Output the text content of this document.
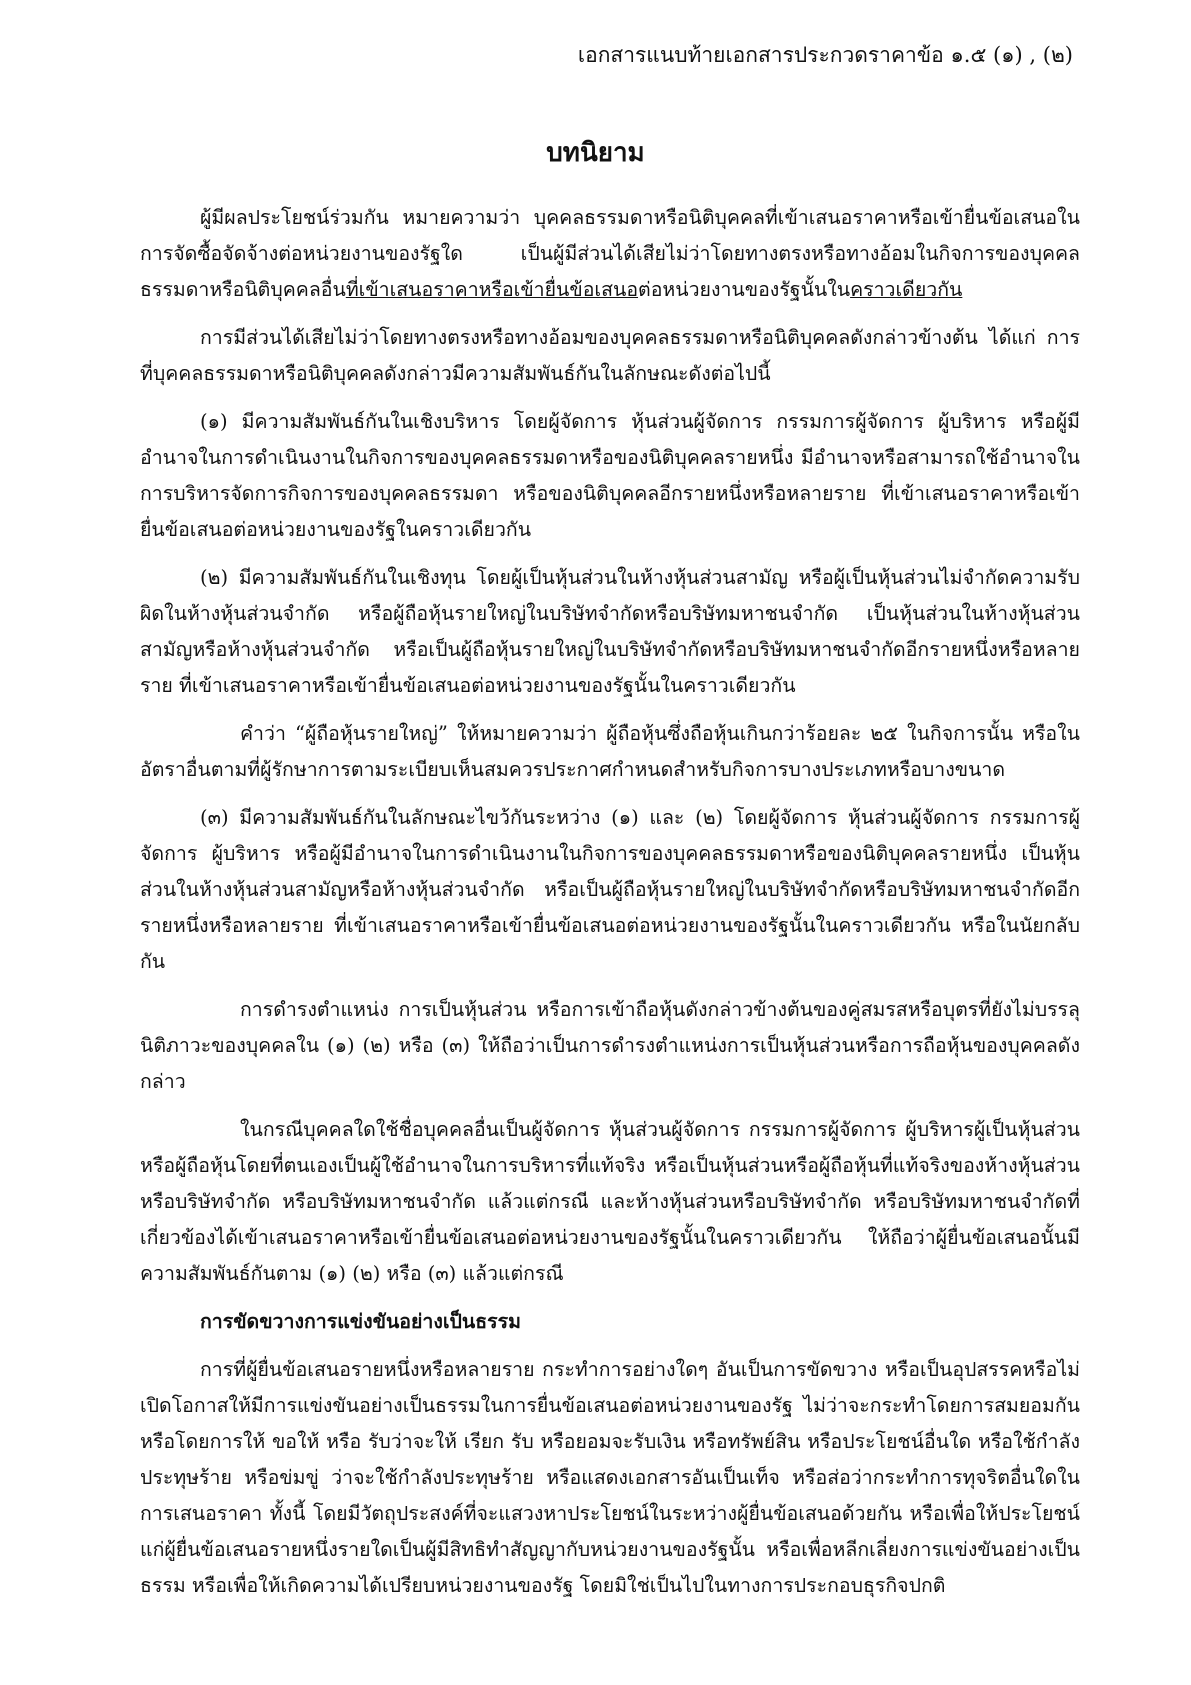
เอกสารแนบท้ายเอกสารประกวดราคาข้อ ๑.๕ (๑) , (๒)
บทนิยาม

ผู้มีผลประโยชน์ร่วมกัน หมายความว่า บุคคลธรรมดาหรือนิติบุคคลที่เข้าเสนอราคาหรือเข้ายื่นข้อเสนอในการจัดซื้อจัดจ้างต่อหน่วยงานของรัฐใด เป็นผู้มีส่วนได้เสียไม่ว่าโดยทางตรงหรือทางอ้อมในกิจการของบุคคลธรรมดาหรือนิติบุคคลอื่นที่เข้าเสนอราคาหรือเข้ายื่นข้อเสนอต่อหน่วยงานของรัฐนั้นในคราวเดียวกัน

การมีส่วนได้เสียไม่ว่าโดยทางตรงหรือทางอ้อมของบุคคลธรรมดาหรือนิติบุคคลดังกล่าวข้างต้น ได้แก่ การที่บุคคลธรรมดาหรือนิติบุคคลดังกล่าวมีความสัมพันธ์กันในลักษณะดังต่อไปนี้

(๑) มีความสัมพันธ์กันในเชิงบริหาร โดยผู้จัดการ หุ้นส่วนผู้จัดการ กรรมการผู้จัดการ ผู้บริหาร หรือผู้มีอำนาจในการดำเนินงานในกิจการของบุคคลธรรมดาหรือของนิติบุคคลรายหนึ่ง มีอำนาจหรือสามารถใช้อำนาจในการบริหารจัดการกิจการของบุคคลธรรมดา หรือของนิติบุคคลอีกรายหนึ่งหรือหลายราย ที่เข้าเสนอราคาหรือเข้ายื่นข้อเสนอต่อหน่วยงานของรัฐในคราวเดียวกัน

(๒) มีความสัมพันธ์กันในเชิงทุน โดยผู้เป็นหุ้นส่วนในห้างหุ้นส่วนสามัญ หรือผู้เป็นหุ้นส่วนไม่จำกัดความรับผิดในห้างหุ้นส่วนจำกัด หรือผู้ถือหุ้นรายใหญ่ในบริษัทจำกัดหรือบริษัทมหาชนจำกัด เป็นหุ้นส่วนในห้างหุ้นส่วนสามัญหรือห้างหุ้นส่วนจำกัด หรือเป็นผู้ถือหุ้นรายใหญ่ในบริษัทจำกัดหรือบริษัทมหาชนจำกัดอีกรายหนึ่งหรือหลายราย ที่เข้าเสนอราคาหรือเข้ายื่นข้อเสนอต่อหน่วยงานของรัฐนั้นในคราวเดียวกัน

คำว่า “ผู้ถือหุ้นรายใหญ่” ให้หมายความว่า ผู้ถือหุ้นซึ่งถือหุ้นเกินกว่าร้อยละ ๒๕ ในกิจการนั้น หรือในอัตราอื่นตามที่ผู้รักษาการตามระเบียบเห็นสมควรประกาศกำหนดสำหรับกิจการบางประเภทหรือบางขนาด

(๓) มีความสัมพันธ์กันในลักษณะไขว้กันระหว่าง (๑) และ (๒) โดยผู้จัดการ หุ้นส่วนผู้จัดการ กรรมการผู้จัดการ ผู้บริหาร หรือผู้มีอำนาจในการดำเนินงานในกิจการของบุคคลธรรมดาหรือของนิติบุคคลรายหนึ่ง เป็นหุ้นส่วนในห้างหุ้นส่วนสามัญหรือห้างหุ้นส่วนจำกัด หรือเป็นผู้ถือหุ้นรายใหญ่ในบริษัทจำกัดหรือบริษัทมหาชนจำกัดอีกรายหนึ่งหรือหลายราย ที่เข้าเสนอราคาหรือเข้ายื่นข้อเสนอต่อหน่วยงานของรัฐนั้นในคราวเดียวกัน หรือในนัยกลับกัน

การดำรงตำแหน่ง การเป็นหุ้นส่วน หรือการเข้าถือหุ้นดังกล่าวข้างต้นของคู่สมรสหรือบุตรที่ยังไม่บรรลุนิติภาวะของบุคคลใน (๑) (๒) หรือ (๓) ให้ถือว่าเป็นการดำรงตำแหน่งการเป็นหุ้นส่วนหรือการถือหุ้นของบุคคลดังกล่าว

ในกรณีบุคคลใดใช้ชื่อบุคคลอื่นเป็นผู้จัดการ หุ้นส่วนผู้จัดการ กรรมการผู้จัดการ ผู้บริหารผู้เป็นหุ้นส่วนหรือผู้ถือหุ้นโดยที่ตนเองเป็นผู้ใช้อำนาจในการบริหารที่แท้จริง หรือเป็นหุ้นส่วนหรือผู้ถือหุ้นที่แท้จริงของห้างหุ้นส่วน หรือบริษัทจำกัด หรือบริษัทมหาชนจำกัด แล้วแต่กรณี และห้างหุ้นส่วนหรือบริษัทจำกัด หรือบริษัทมหาชนจำกัดที่เกี่ยวข้องได้เข้าเสนอราคาหรือเข้ายื่นข้อเสนอต่อหน่วยงานของรัฐนั้นในคราวเดียวกัน ให้ถือว่าผู้ยื่นข้อเสนอนั้นมีความสัมพันธ์กันตาม (๑) (๒) หรือ (๓) แล้วแต่กรณี

การขัดขวางการแข่งขันอย่างเป็นธรรม

การที่ผู้ยื่นข้อเสนอรายหนึ่งหรือหลายราย กระทำการอย่างใดๆ อันเป็นการขัดขวาง หรือเป็นอุปสรรคหรือไม่เปิดโอกาสให้มีการแข่งขันอย่างเป็นธรรมในการยื่นข้อเสนอต่อหน่วยงานของรัฐ ไม่ว่าจะกระทำโดยการสมยอมกัน หรือโดยการให้ ขอให้ หรือ รับว่าจะให้ เรียก รับ หรือยอมจะรับเงิน หรือทรัพย์สิน หรือประโยชน์อื่นใด หรือใช้กำลังประทุษร้าย หรือข่มขู่ ว่าจะใช้กำลังประทุษร้าย หรือแสดงเอกสารอันเป็นเท็จ หรือส่อว่ากระทำการทุจริตอื่นใดในการเสนอราคา ทั้งนี้ โดยมีวัตถุประสงค์ที่จะแสวงหาประโยชน์ในระหว่างผู้ยื่นข้อเสนอด้วยกัน หรือเพื่อให้ประโยชน์แก่ผู้ยื่นข้อเสนอรายหนึ่งรายใดเป็นผู้มีสิทธิทำสัญญากับหน่วยงานของรัฐนั้น หรือเพื่อหลีกเลี่ยงการแข่งขันอย่างเป็นธรรม หรือเพื่อให้เกิดความได้เปรียบหน่วยงานของรัฐ โดยมิใช่เป็นไปในทางการประกอบธุรกิจปกติ
